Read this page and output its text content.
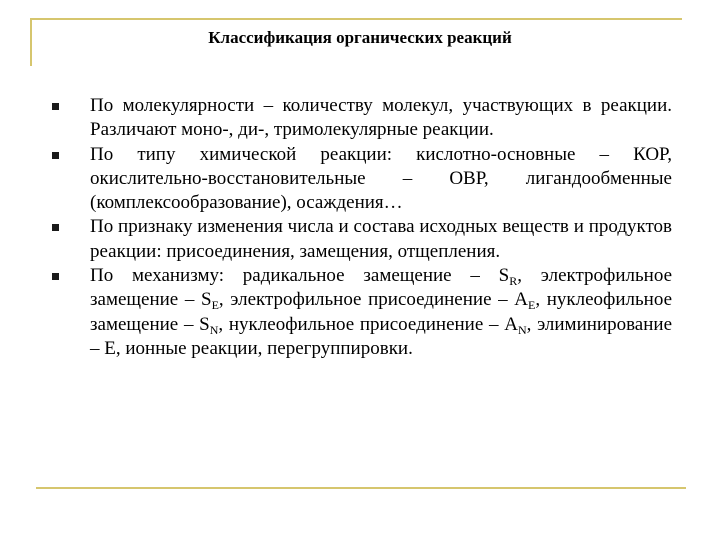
Классификация органических реакций
По молекулярности – количеству молекул, участвующих в реакции. Различают моно-, ди-, тримолекулярные реакции.
По типу химической реакции: кислотно-основные – КОР, окислительно-восстановительные – ОВР, лигандообменные (комплексообразование), осаждения…
По признаку изменения числа и состава исходных веществ и продуктов реакции: присоединения, замещения, отщепления.
По механизму: радикальное замещение – $S_R$, электрофильное замещение – $S_E$, электрофильное присоединение – $A_E$, нуклеофильное замещение – $S_N$, нуклеофильное присоединение – $A_N$, элиминирование – E, ионные реакции, перегруппировки.
